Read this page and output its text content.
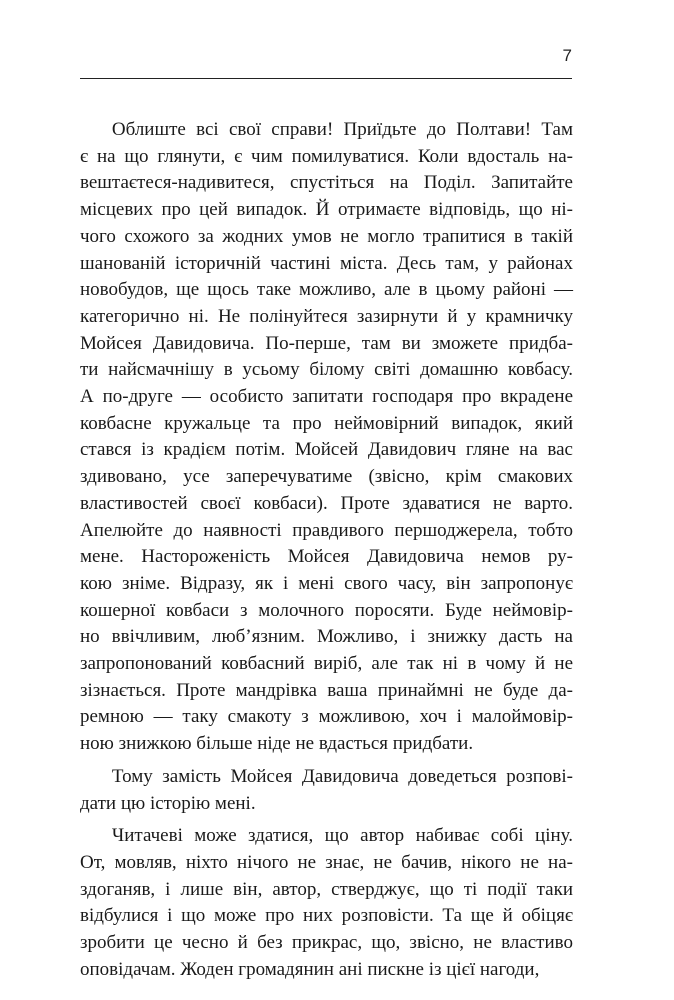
7
Облиште всі свої справи! Приїдьте до Полтави! Там
є на що глянути, є чим помилуватися. Коли вдосталь на-
вештаєтеся-надивитеся, спустіться на Поділ. Запитайте
місцевих про цей випадок. Й отримаєте відповідь, що ні-
чого схожого за жодних умов не могло трапитися в такій
шанованій історичній частині міста. Десь там, у районах
новобудов, ще щось таке можливо, але в цьому районі —
категорично ні. Не полінуйтеся зазирнути й у крамничку
Мойсея Давидовича. По-перше, там ви зможете придба-
ти найсмачнішу в усьому білому світі домашню ковбасу.
А по-друге — особисто запитати господаря про вкрадене
ковбасне кружальце та про неймовірний випадок, який
стався із крадієм потім. Мойсей Давидович гляне на вас
здивовано, усе заперечуватиме (звісно, крім смакових
властивостей своєї ковбаси). Проте здаватися не варто.
Апелюйте до наявності правдивого першоджерела, тобто
мене. Настороженість Мойсея Давидовича немов ру-
кою зніме. Відразу, як і мені свого часу, він запропонує
кошерної ковбаси з молочного поросяти. Буде неймовір-
но ввічливим, люб’язним. Можливо, і знижку дасть на
запропонований ковбасний виріб, але так ні в чому й не
зізнається. Проте мандрівка ваша принаймні не буде да-
ремною — таку смакоту з можливою, хоч і малоймовір-
ною знижкою більше ніде не вдасться придбати.
Тому замість Мойсея Давидовича доведеться розпові-
дати цю історію мені.
Читачеві може здатися, що автор набиває собі ціну.
От, мовляв, ніхто нічого не знає, не бачив, нікого не на-
здоганяв, і лише він, автор, стверджує, що ті події таки
відбулися і що може про них розповісти. Та ще й обіцяє
зробити це чесно й без прикрас, що, звісно, не властиво
оповідачам. Жоден громадянин ані пискне із цієї нагоди,
